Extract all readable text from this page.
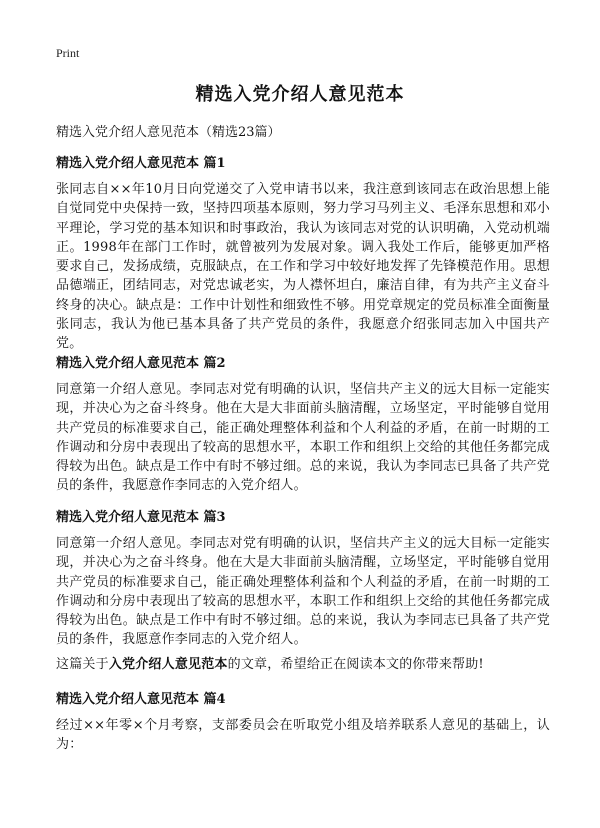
Print
精选入党介绍人意见范本
精选入党介绍人意见范本（精选23篇）
精选入党介绍人意见范本 篇1
张同志自××年10月日向党递交了入党申请书以来，我注意到该同志在政治思想上能自觉同党中央保持一致，坚持四项基本原则，努力学习马列主义、毛泽东思想和邓小平理论，学习党的基本知识和时事政治，我认为该同志对党的认识明确，入党动机端正。1998年在部门工作时，就曾被列为发展对象。调入我处工作后，能够更加严格要求自己，发扬成绩，克服缺点，在工作和学习中较好地发挥了先锋模范作用。思想品德端正，团结同志，对党忠诚老实，为人襟怀坦白，廉洁自律，有为共产主义奋斗终身的决心。缺点是：工作中计划性和细致性不够。用党章规定的党员标准全面衡量张同志，我认为他已基本具备了共产党员的条件，我愿意介绍张同志加入中国共产党。
精选入党介绍人意见范本 篇2
同意第一介绍人意见。李同志对党有明确的认识，坚信共产主义的远大目标一定能实现，并决心为之奋斗终身。他在大是大非面前头脑清醒，立场坚定，平时能够自觉用共产党员的标准要求自己，能正确处理整体利益和个人利益的矛盾，在前一时期的工作调动和分房中表现出了较高的思想水平，本职工作和组织上交给的其他任务都完成得较为出色。缺点是工作中有时不够过细。总的来说，我认为李同志已具备了共产党员的条件，我愿意作李同志的入党介绍人。
精选入党介绍人意见范本 篇3
同意第一介绍人意见。李同志对党有明确的认识，坚信共产主义的远大目标一定能实现，并决心为之奋斗终身。他在大是大非面前头脑清醒，立场坚定，平时能够自觉用共产党员的标准要求自己，能正确处理整体利益和个人利益的矛盾，在前一时期的工作调动和分房中表现出了较高的思想水平，本职工作和组织上交给的其他任务都完成得较为出色。缺点是工作中有时不够过细。总的来说，我认为李同志已具备了共产党员的条件，我愿意作李同志的入党介绍人。
这篇关于入党介绍人意见范本的文章，希望给正在阅读本文的你带来帮助!
精选入党介绍人意见范本 篇4
经过××年零×个月考察，支部委员会在听取党小组及培养联系人意见的基础上，认为：
